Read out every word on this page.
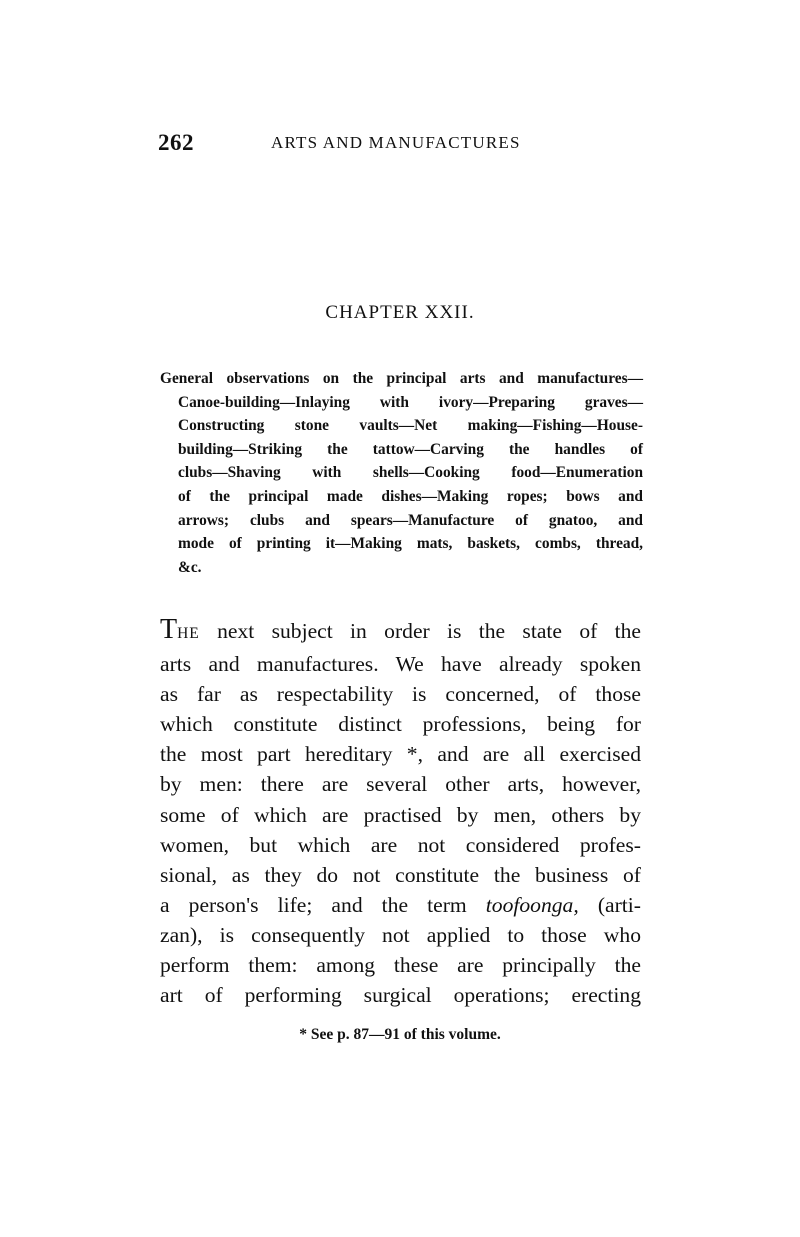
262	ARTS AND MANUFACTURES
CHAPTER XXII.
General observations on the principal arts and manufactures—
Canoe-building—Inlaying with ivory—Preparing graves—
Constructing stone vaults—Net making—Fishing—House-
building—Striking the tattow—Carving the handles of
clubs—Shaving with shells—Cooking food—Enumeration
of the principal made dishes—Making ropes; bows and
arrows; clubs and spears—Manufacture of gnatoo, and
mode of printing it—Making mats, baskets, combs, thread,
&c.
THE next subject in order is the state of the
arts and manufactures. We have already spoken
as far as respectability is concerned, of those
which constitute distinct professions, being for
the most part hereditary *, and are all exercised
by men: there are several other arts, however,
some of which are practised by men, others by
women, but which are not considered profes-
sional, as they do not constitute the business of
a person's life; and the term toofoonga, (arti-
zan), is consequently not applied to those who
perform them: among these are principally the
art of performing surgical operations; erecting
* See p. 87—91 of this volume.
